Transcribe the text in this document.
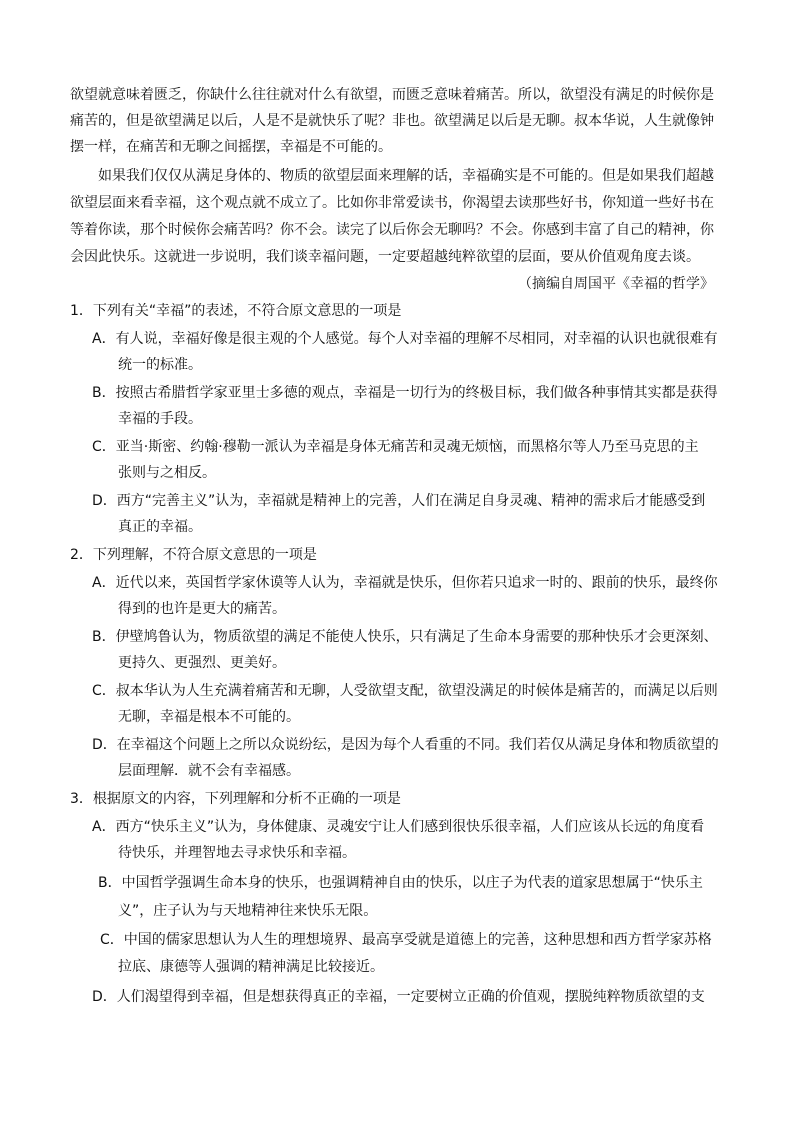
欲望就意味着匮乏，你缺什么往往就对什么有欲望，而匮乏意味着痛苦。所以，欲望没有满足的时候你是
痛苦的，但是欲望满足以后，人是不是就快乐了呢？非也。欲望满足以后是无聊。叔本华说，人生就像钟
摆一样，在痛苦和无聊之间摇摆，幸福是不可能的。
如果我们仅仅从满足身体的、物质的欲望层面来理解的话，幸福确实是不可能的。但是如果我们超越
欲望层面来看幸福，这个观点就不成立了。比如你非常爱读书，你渴望去读那些好书，你知道一些好书在
等着你读，那个时候你会痛苦吗？你不会。读完了以后你会无聊吗？不会。你感到丰富了自己的精神，你
会因此快乐。这就进一步说明，我们谈幸福问题，一定要超越纯粹欲望的层面，要从价值观角度去谈。
（摘编自周国平《幸福的哲学》
1．下列有关“幸福”的表述，不符合原文意思的一项是
A．有人说，幸福好像是很主观的个人感觉。每个人对幸福的理解不尽相同，对幸福的认识也就很难有
统一的标准。
B．按照古希腊哲学家亚里士多德的观点，幸福是一切行为的终极目标，我们做各种事情其实都是获得
幸福的手段。
C．亚当·斯密、约翰·穆勒一派认为幸福是身体无痛苦和灵魂无烦恼，而黑格尔等人乃至马克思的主
张则与之相反。
D．西方“完善主义”认为，幸福就是精神上的完善，人们在满足自身灵魂、精神的需求后才能感受到
真正的幸福。
2．下列理解，不符合原文意思的一项是
A．近代以来，英国哲学家休谟等人认为，幸福就是快乐，但你若只追求一时的、跟前的快乐，最终你
得到的也许是更大的痛苦。
B．伊壁鸠鲁认为，物质欲望的满足不能使人快乐，只有满足了生命本身需要的那种快乐才会更深刻、
更持久、更强烈、更美好。
C．叔本华认为人生充满着痛苦和无聊，人受欲望支配，欲望没满足的时候体是痛苦的，而满足以后则
无聊，幸福是根本不可能的。
D．在幸福这个问题上之所以众说纷纭，是因为每个人看重的不同。我们若仅从满足身体和物质欲望的
层面理解．就不会有幸福感。
3．根据原文的内容，下列理解和分析不正确的一项是
A．西方“快乐主义”认为，身体健康、灵魂安宁让人们感到很快乐很幸福，人们应该从长远的角度看
待快乐，并理智地去寻求快乐和幸福。
B．中国哲学强调生命本身的快乐，也强调精神自由的快乐，以庄子为代表的道家思想属于“快乐主
义”，庄子认为与天地精神往来快乐无限。
C．中国的儒家思想认为人生的理想境界、最高享受就是道德上的完善，这种思想和西方哲学家苏格
拉底、康德等人强调的精神满足比较接近。
D．人们渴望得到幸福，但是想获得真正的幸福，一定要树立正确的价值观，摆脱纯粹物质欲望的支
